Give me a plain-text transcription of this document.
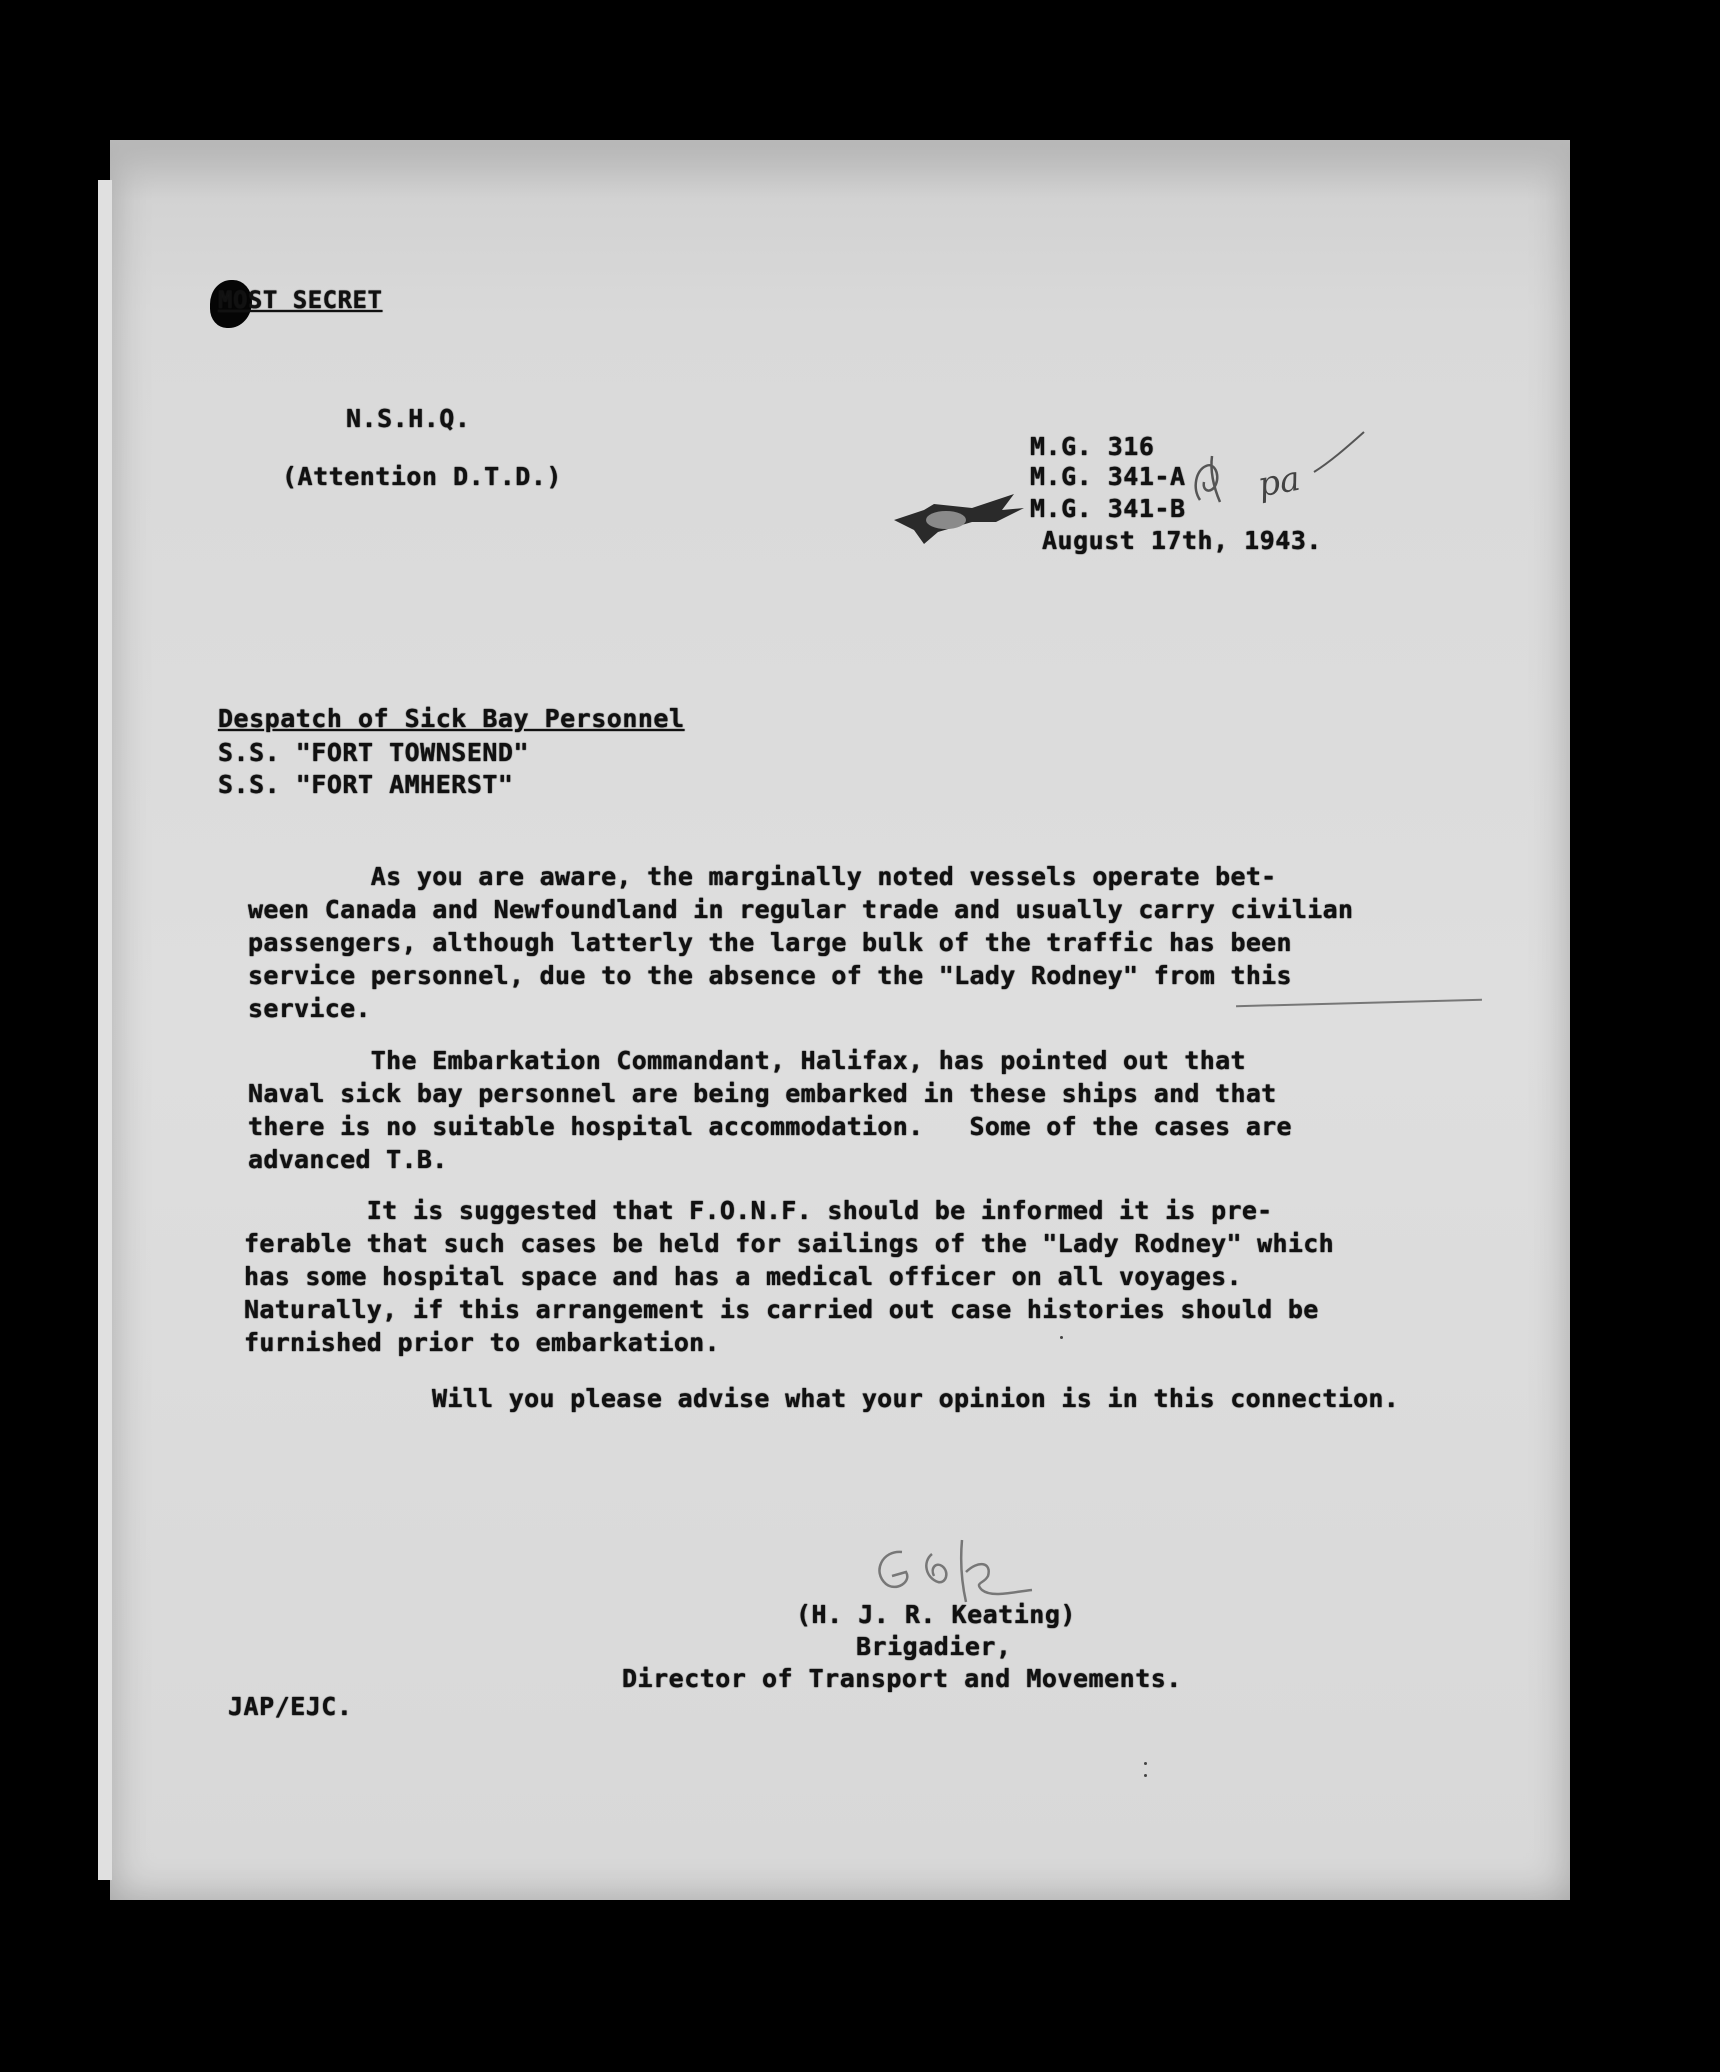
MOST SECRET
N.S.H.Q.
(Attention D.T.D.)
M.G. 316
M.G. 341-A
M.G. 341-B
August 17th, 1943.
pa
Despatch of Sick Bay Personnel
S.S. "FORT TOWNSEND"
S.S. "FORT AMHERST"
As you are aware, the marginally noted vessels operate bet-
ween Canada and Newfoundland in regular trade and usually carry civilian
passengers, although latterly the large bulk of the traffic has been
service personnel, due to the absence of the "Lady Rodney" from this
service.
The Embarkation Commandant, Halifax, has pointed out that
Naval sick bay personnel are being embarked in these ships and that
there is no suitable hospital accommodation.   Some of the cases are
advanced T.B.
It is suggested that F.O.N.F. should be informed it is pre-
ferable that such cases be held for sailings of the "Lady Rodney" which
has some hospital space and has a medical officer on all voyages.
Naturally, if this arrangement is carried out case histories should be
furnished prior to embarkation.
Will you please advise what your opinion is in this connection.
(H. J. R. Keating)
Brigadier,
Director of Transport and Movements.
JAP/EJC.
